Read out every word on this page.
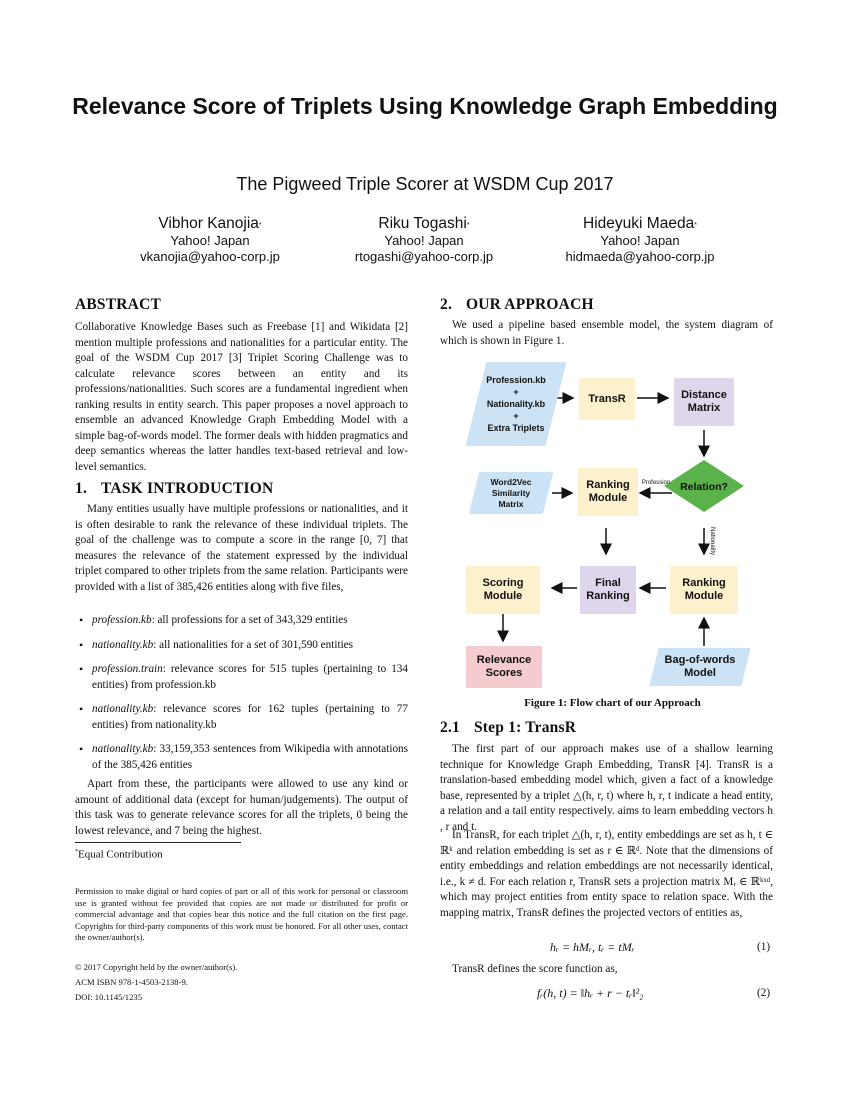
Relevance Score of Triplets Using Knowledge Graph Embedding
The Pigweed Triple Scorer at WSDM Cup 2017
Vibhor Kanojia*
Yahoo! Japan
vkanojia@yahoo-corp.jp
Riku Togashi*
Yahoo! Japan
rtogashi@yahoo-corp.jp
Hideyuki Maeda*
Yahoo! Japan
hidmaeda@yahoo-corp.jp
ABSTRACT
Collaborative Knowledge Bases such as Freebase [1] and Wikidata [2] mention multiple professions and nationalities for a particular entity. The goal of the WSDM Cup 2017 [3] Triplet Scoring Challenge was to calculate relevance scores between an entity and its professions/nationalities. Such scores are a fundamental ingredient when ranking results in entity search. This paper proposes a novel approach to ensemble an advanced Knowledge Graph Embedding Model with a simple bag-of-words model. The former deals with hidden pragmatics and deep semantics whereas the latter handles text-based retrieval and low-level semantics.
1. TASK INTRODUCTION
Many entities usually have multiple professions or nationalities, and it is often desirable to rank the relevance of these individual triplets. The goal of the challenge was to compute a score in the range [0, 7] that measures the relevance of the statement expressed by the individual triplet compared to other triplets from the same relation. Participants were provided with a list of 385,426 entities along with five files,
• profession.kb: all professions for a set of 343,329 entities
• nationality.kb: all nationalities for a set of 301,590 entities
• profession.train: relevance scores for 515 tuples (pertaining to 134 entities) from profession.kb
• nationality.kb: relevance scores for 162 tuples (pertaining to 77 entities) from nationality.kb
• nationality.kb: 33,159,353 sentences from Wikipedia with annotations of the 385,426 entities
Apart from these, the participants were allowed to use any kind or amount of additional data (except for human/judgements). The output of this task was to generate relevance scores for all the triplets, 0 being the lowest relevance, and 7 being the highest.
*Equal Contribution
Permission to make digital or hard copies of part or all of this work for personal or classroom use is granted without fee provided that copies are not made or distributed for profit or commercial advantage and that copies bear this notice and the full citation on the first page. Copyrights for third-party components of this work must be honored. For all other uses, contact the owner/author(s).
© 2017 Copyright held by the owner/author(s).
ACM ISBN 978-1-4503-2138-9.
DOI: 10.1145/1235
2. OUR APPROACH
We used a pipeline based ensemble model, the system diagram of which is shown in Figure 1.
Profession.kb
+
Nationality.kb
+
Extra Triplets
TransR	Distance
Matrix
Word2Vec
Similarity
Matrix
Ranking
Module
Relation?
Profession
Nationality
Scoring
Module
Final
Ranking
Ranking
Module
Relevance
Scores
Bag-of-words
Model
Figure 1: Flow chart of our Approach
2.1 Step 1: TransR
The first part of our approach makes use of a shallow learning technique for Knowledge Graph Embedding, TransR [4]. TransR is a translation-based embedding model which, given a fact of a knowledge base, represented by a triplet △(h, r, t) where h, r, t indicate a head entity, a relation and a tail entity respectively. aims to learn embedding vectors h , r and t.
In TransR, for each triplet △(h, r, t), entity embeddings are set as h, t ∈ ℝᵏ and relation embedding is set as r ∈ ℝᵈ. Note that the dimensions of entity embeddings and relation embeddings are not necessarily identical, i.e., k ≠ d. For each relation r, TransR sets a projection matrix Mᵣ ∈ ℝᵏˣᵈ, which may project entities from entity space to relation space. With the mapping matrix, TransR defines the projected vectors of entities as,
hᵣ = hMᵣ, tᵣ = tMᵣ	(1)
TransR defines the score function as,
fᵣ(h, t) = ‖hᵣ + r − tᵣ‖²₂	(2)
